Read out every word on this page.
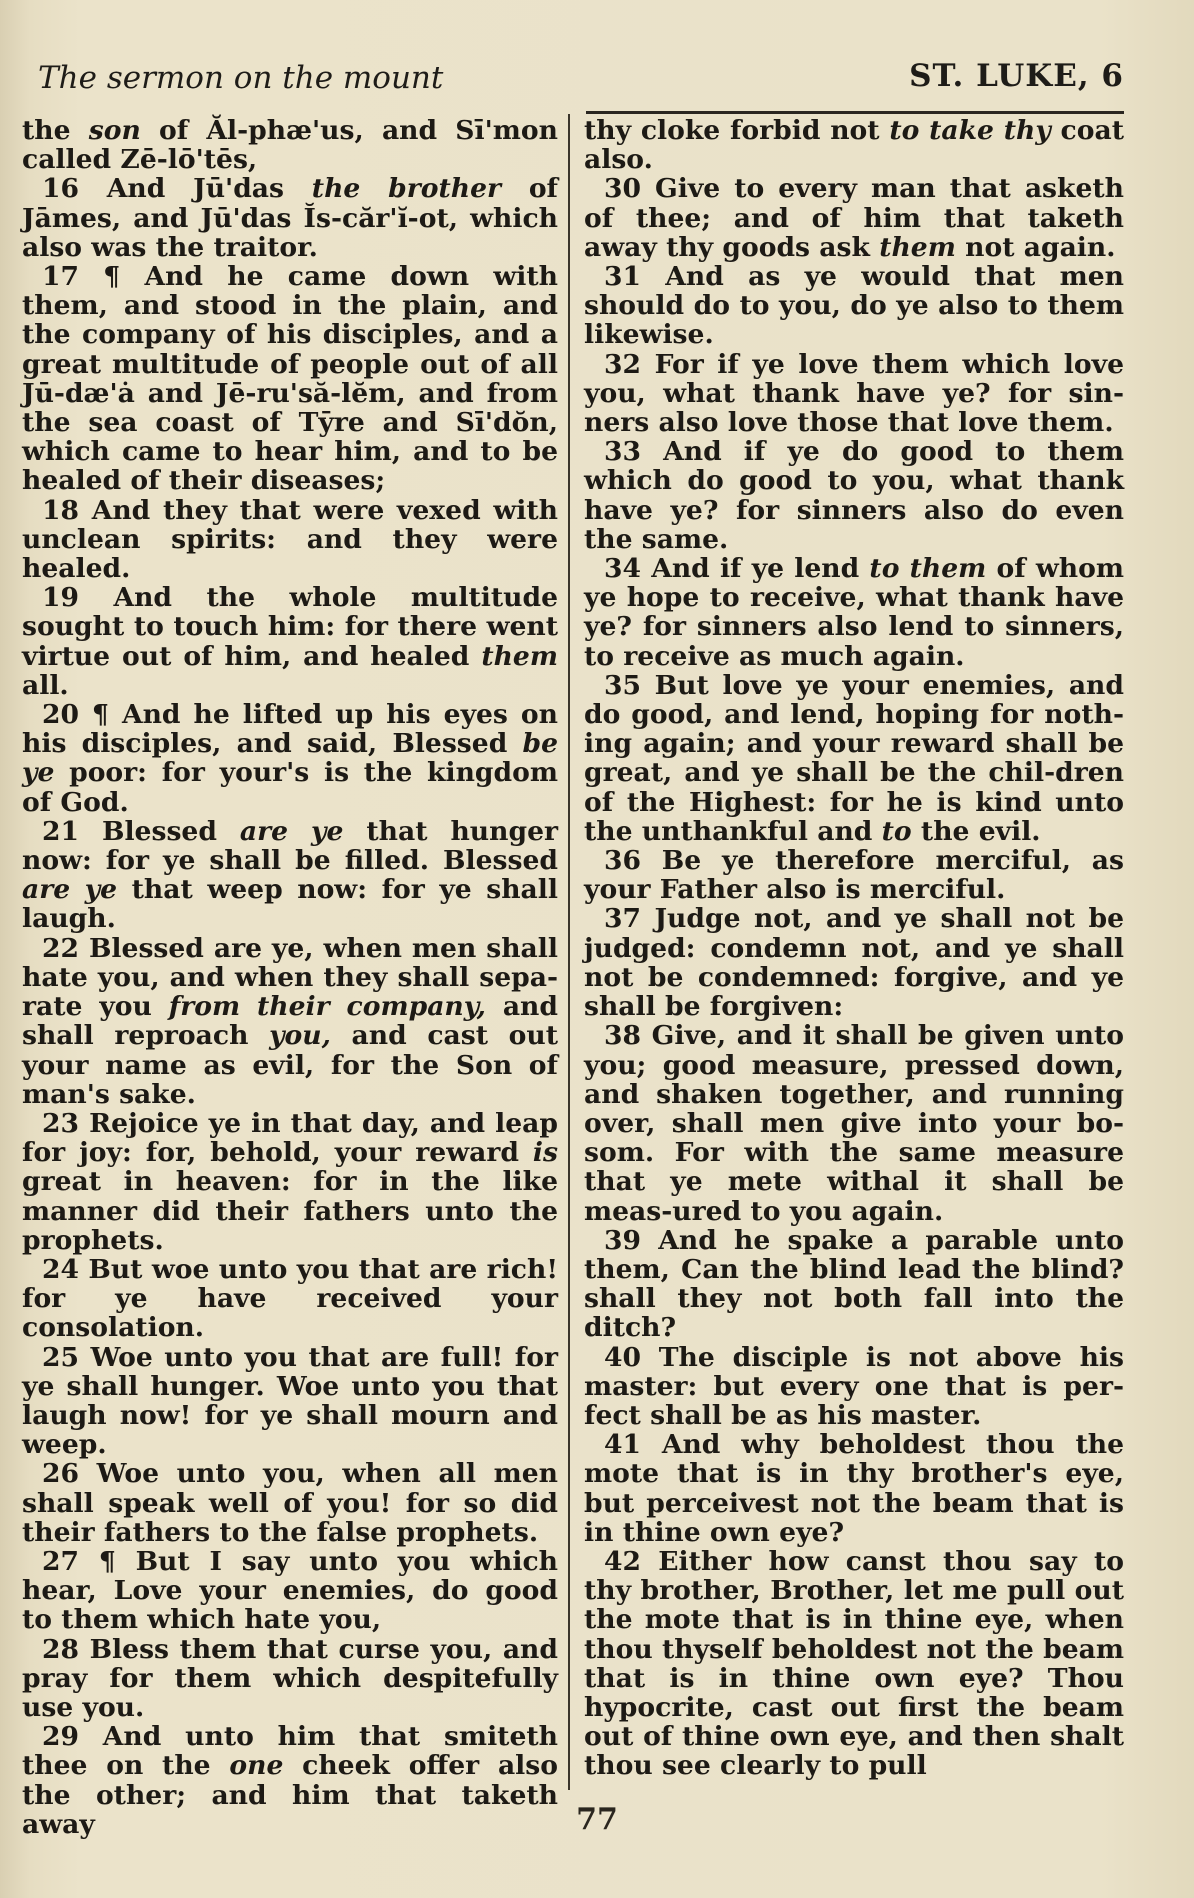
The sermon on the mount	ST. LUKE, 6

the son of Ăl-phæ'us, and Sī'mon called Zē-lō'tēs,

16 And Jū'das the brother of Jāmes, and Jū'das Ĭs-căr'ĭ-ot, which also was the traitor.

17 ¶ And he came down with them, and stood in the plain, and the company of his disciples, and a great multitude of people out of all Jū-dæ'ȧ and Jē-ru'să-lĕm, and from the sea coast of Tȳre and Sī'dŏn, which came to hear him, and to be healed of their diseases;

18 And they that were vexed with unclean spirits: and they were healed.

19 And the whole multitude sought to touch him: for there went virtue out of him, and healed them all.

20 ¶ And he lifted up his eyes on his disciples, and said, Blessed be ye poor: for your's is the kingdom of God.

21 Blessed are ye that hunger now: for ye shall be filled. Blessed are ye that weep now: for ye shall laugh.

22 Blessed are ye, when men shall hate you, and when they shall sepa-rate you from their company, and shall reproach you, and cast out your name as evil, for the Son of man's sake.

23 Rejoice ye in that day, and leap for joy: for, behold, your reward is great in heaven: for in the like manner did their fathers unto the prophets.

24 But woe unto you that are rich! for ye have received your consolation.

25 Woe unto you that are full! for ye shall hunger. Woe unto you that laugh now! for ye shall mourn and weep.

26 Woe unto you, when all men shall speak well of you! for so did their fathers to the false prophets.

27 ¶ But I say unto you which hear, Love your enemies, do good to them which hate you,

28 Bless them that curse you, and pray for them which despitefully use you.

29 And unto him that smiteth thee on the one cheek offer also the other; and him that taketh away

thy cloke forbid not to take thy coat also.

30 Give to every man that asketh of thee; and of him that taketh away thy goods ask them not again.

31 And as ye would that men should do to you, do ye also to them likewise.

32 For if ye love them which love you, what thank have ye? for sin-ners also love those that love them.

33 And if ye do good to them which do good to you, what thank have ye? for sinners also do even the same.

34 And if ye lend to them of whom ye hope to receive, what thank have ye? for sinners also lend to sinners, to receive as much again.

35 But love ye your enemies, and do good, and lend, hoping for noth-ing again; and your reward shall be great, and ye shall be the chil-dren of the Highest: for he is kind unto the unthankful and to the evil.

36 Be ye therefore merciful, as your Father also is merciful.

37 Judge not, and ye shall not be judged: condemn not, and ye shall not be condemned: forgive, and ye shall be forgiven:

38 Give, and it shall be given unto you; good measure, pressed down, and shaken together, and running over, shall men give into your bo-som. For with the same measure that ye mete withal it shall be meas-ured to you again.

39 And he spake a parable unto them, Can the blind lead the blind? shall they not both fall into the ditch?

40 The disciple is not above his master: but every one that is per-fect shall be as his master.

41 And why beholdest thou the mote that is in thy brother's eye, but perceivest not the beam that is in thine own eye?

42 Either how canst thou say to thy brother, Brother, let me pull out the mote that is in thine eye, when thou thyself beholdest not the beam that is in thine own eye? Thou hypocrite, cast out first the beam out of thine own eye, and then shalt thou see clearly to pull

77
